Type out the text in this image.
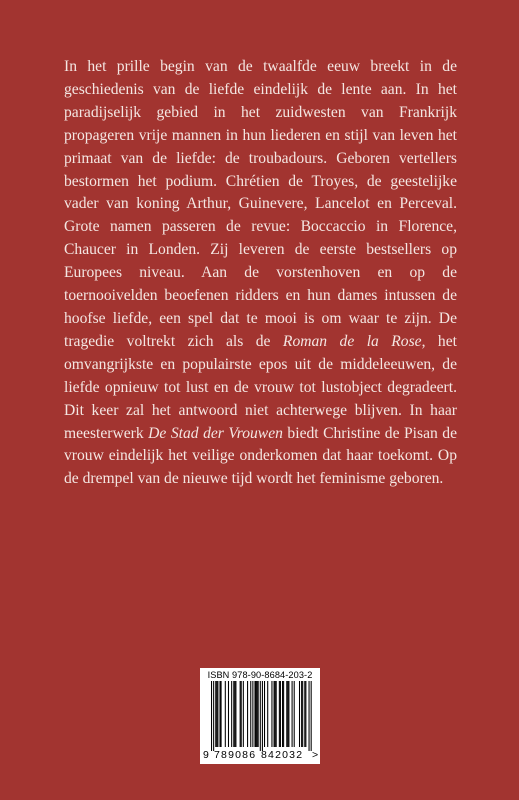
In het prille begin van de twaalfde eeuw breekt in de geschiedenis van de liefde eindelijk de lente aan. In het paradijselijk gebied in het zuidwesten van Frankrijk propageren vrije mannen in hun liederen en stijl van leven het primaat van de liefde: de troubadours. Geboren vertellers bestormen het podium. Chrétien de Troyes, de geestelijke vader van koning Arthur, Guinevere, Lancelot en Perceval. Grote namen passeren de revue: Boccaccio in Florence, Chaucer in Londen. Zij leveren de eerste bestsellers op Europees niveau. Aan de vorstenhoven en op de toernooivelden beoefenen ridders en hun dames intussen de hoofse liefde, een spel dat te mooi is om waar te zijn. De tragedie voltrekt zich als de Roman de la Rose, het omvangrijkste en populairste epos uit de middeleeuwen, de liefde opnieuw tot lust en de vrouw tot lustobject degradeert. Dit keer zal het antwoord niet achterwege blijven. In haar meesterwerk De Stad der Vrouwen biedt Christine de Pisan de vrouw eindelijk het veilige onderkomen dat haar toekomt. Op de drempel van de nieuwe tijd wordt het feminisme geboren.

ISBN 978-90-8684-203-2
9 789086 842032 >
